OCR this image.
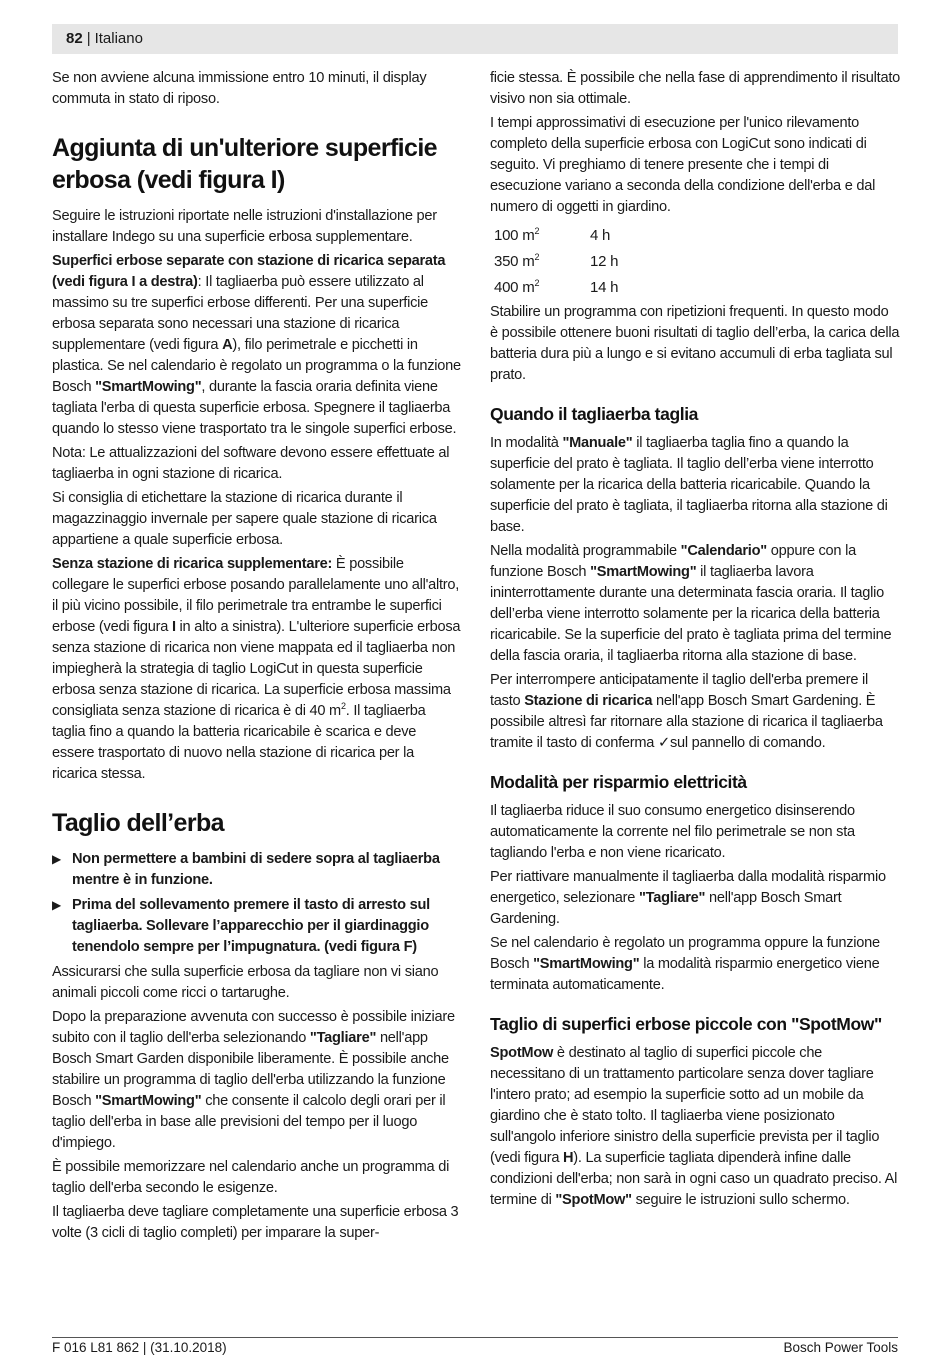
82 | Italiano

Se non avviene alcuna immissione entro 10 minuti, il display commuta in stato di riposo.

Aggiunta di un'ulteriore superficie erbosa (vedi figura I)

Seguire le istruzioni riportate nelle istruzioni d'installazione per installare Indego su una superficie erbosa supplementare.

Superfici erbose separate con stazione di ricarica separata (vedi figura I a destra): Il tagliaerba può essere utilizzato al massimo su tre superfici erbose differenti. Per una superficie erbosa separata sono necessari una stazione di ricarica supplementare (vedi figura A), filo perimetrale e picchetti in plastica. Se nel calendario è regolato un programma o la funzione Bosch "SmartMowing", durante la fascia oraria definita viene tagliata l'erba di questa superficie erbosa. Spegnere il tagliaerba quando lo stesso viene trasportato tra le singole superfici erbose.

Nota: Le attualizzazioni del software devono essere effettuate al tagliaerba in ogni stazione di ricarica.

Si consiglia di etichettare la stazione di ricarica durante il magazzinaggio invernale per sapere quale stazione di ricarica appartiene a quale superficie erbosa.

Senza stazione di ricarica supplementare: È possibile collegare le superfici erbose posando parallelamente uno all'altro, il più vicino possibile, il filo perimetrale tra entrambe le superfici erbose (vedi figura I in alto a sinistra). L'ulteriore superficie erbosa senza stazione di ricarica non viene mappata ed il tagliaerba non impiegherà la strategia di taglio LogiCut in questa superficie erbosa senza stazione di ricarica. La superficie erbosa massima consigliata senza stazione di ricarica è di 40 $m^2$. Il tagliaerba taglia fino a quando la batteria ricaricabile è scarica e deve essere trasportato di nuovo nella stazione di ricarica per la ricarica stessa.

Taglio dell’erba
▶ Non permettere a bambini di sedere sopra al tagliaerba mentre è in funzione.
▶ Prima del sollevamento premere il tasto di arresto sul tagliaerba. Sollevare l’apparecchio per il giardinaggio tenendolo sempre per l’impugnatura. (vedi figura F)

Assicurarsi che sulla superficie erbosa da tagliare non vi siano animali piccoli come ricci o tartarughe.

Dopo la preparazione avvenuta con successo è possibile iniziare subito con il taglio dell'erba selezionando "Tagliare" nell'app Bosch Smart Garden disponibile liberamente. È possibile anche stabilire un programma di taglio dell'erba utilizzando la funzione Bosch "SmartMowing" che consente il calcolo degli orari per il taglio dell'erba in base alle previsioni del tempo per il luogo d'impiego.

È possibile memorizzare nel calendario anche un programma di taglio dell'erba secondo le esigenze.

Il tagliaerba deve tagliare completamente una superficie erbosa 3 volte (3 cicli di taglio completi) per imparare la super-

ficie stessa. È possibile che nella fase di apprendimento il risultato visivo non sia ottimale.

I tempi approssimativi di esecuzione per l'unico rilevamento completo della superficie erbosa con LogiCut sono indicati di seguito. Vi preghiamo di tenere presente che i tempi di esecuzione variano a seconda della condizione dell'erba e dal numero di oggetti in giardino.

100 $m^2$	4 h
350 $m^2$	12 h
400 $m^2$	14 h

Stabilire un programma con ripetizioni frequenti. In questo modo è possibile ottenere buoni risultati di taglio dell’erba, la carica della batteria dura più a lungo e si evitano accumuli di erba tagliata sul prato.

Quando il tagliaerba taglia

In modalità "Manuale" il tagliaerba taglia fino a quando la superficie del prato è tagliata. Il taglio dell’erba viene interrotto solamente per la ricarica della batteria ricaricabile. Quando la superficie del prato è tagliata, il tagliaerba ritorna alla stazione di base.

Nella modalità programmabile "Calendario" oppure con la funzione Bosch "SmartMowing" il tagliaerba lavora ininterrottamente durante una determinata fascia oraria. Il taglio dell’erba viene interrotto solamente per la ricarica della batteria ricaricabile. Se la superficie del prato è tagliata prima del termine della fascia oraria, il tagliaerba ritorna alla stazione di base.

Per interrompere anticipatamente il taglio dell'erba premere il tasto Stazione di ricarica nell'app Bosch Smart Gardening. È possibile altresì far ritornare alla stazione di ricarica il tagliaerba tramite il tasto di conferma ✓sul pannello di comando.

Modalità per risparmio elettricità

Il tagliaerba riduce il suo consumo energetico disinserendo automaticamente la corrente nel filo perimetrale se non sta tagliando l'erba e non viene ricaricato.

Per riattivare manualmente il tagliaerba dalla modalità risparmio energetico, selezionare "Tagliare" nell'app Bosch Smart Gardening.

Se nel calendario è regolato un programma oppure la funzione Bosch "SmartMowing" la modalità risparmio energetico viene terminata automaticamente.

Taglio di superfici erbose piccole con "SpotMow"

SpotMow è destinato al taglio di superfici piccole che necessitano di un trattamento particolare senza dover tagliare l'intero prato; ad esempio la superficie sotto ad un mobile da giardino che è stato tolto. Il tagliaerba viene posizionato sull'angolo inferiore sinistro della superficie prevista per il taglio (vedi figura H). La superficie tagliata dipenderà infine dalle condizioni dell'erba; non sarà in ogni caso un quadrato preciso. Al termine di "SpotMow" seguire le istruzioni sullo schermo.

F 016 L81 862 | (31.10.2018)	Bosch Power Tools
